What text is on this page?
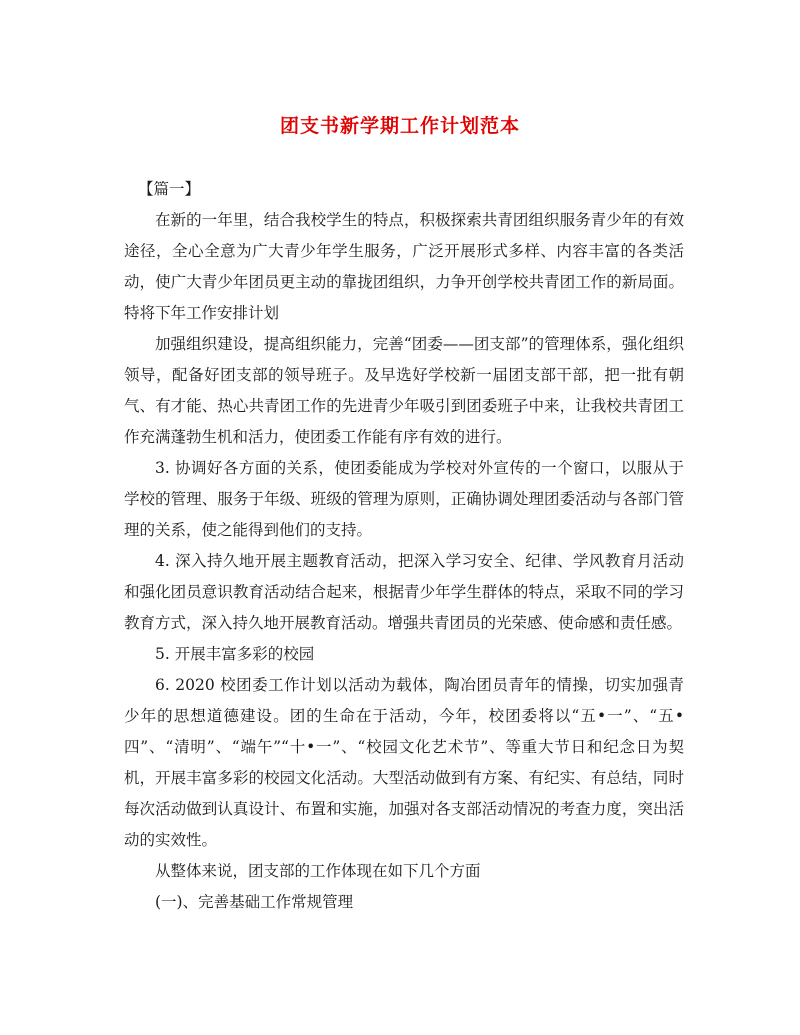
团支书新学期工作计划范本

【篇一】

在新的一年里，结合我校学生的特点，积极探索共青团组织服务青少年的有效途径，全心全意为广大青少年学生服务，广泛开展形式多样、内容丰富的各类活动，使广大青少年团员更主动的靠拢团组织，力争开创学校共青团工作的新局面。特将下年工作安排计划

加强组织建设，提高组织能力，完善“团委——团支部”的管理体系，强化组织领导，配备好团支部的领导班子。及早选好学校新一届团支部干部，把一批有朝气、有才能、热心共青团工作的先进青少年吸引到团委班子中来，让我校共青团工作充满蓬勃生机和活力，使团委工作能有序有效的进行。

3. 协调好各方面的关系，使团委能成为学校对外宣传的一个窗口，以服从于学校的管理、服务于年级、班级的管理为原则，正确协调处理团委活动与各部门管理的关系，使之能得到他们的支持。

4. 深入持久地开展主题教育活动，把深入学习安全、纪律、学风教育月活动和强化团员意识教育活动结合起来，根据青少年学生群体的特点，采取不同的学习教育方式，深入持久地开展教育活动。增强共青团员的光荣感、使命感和责任感。

5. 开展丰富多彩的校园

6. 2020 校团委工作计划以活动为载体，陶冶团员青年的情操，切实加强青少年的思想道德建设。团的生命在于活动，今年，校团委将以“五•一”、“五•四”、“清明”、“端午”“十•一”、“校园文化艺术节”、等重大节日和纪念日为契机，开展丰富多彩的校园文化活动。大型活动做到有方案、有纪实、有总结，同时每次活动做到认真设计、布置和实施，加强对各支部活动情况的考查力度，突出活动的实效性。

从整体来说，团支部的工作体现在如下几个方面

(一)、完善基础工作常规管理
